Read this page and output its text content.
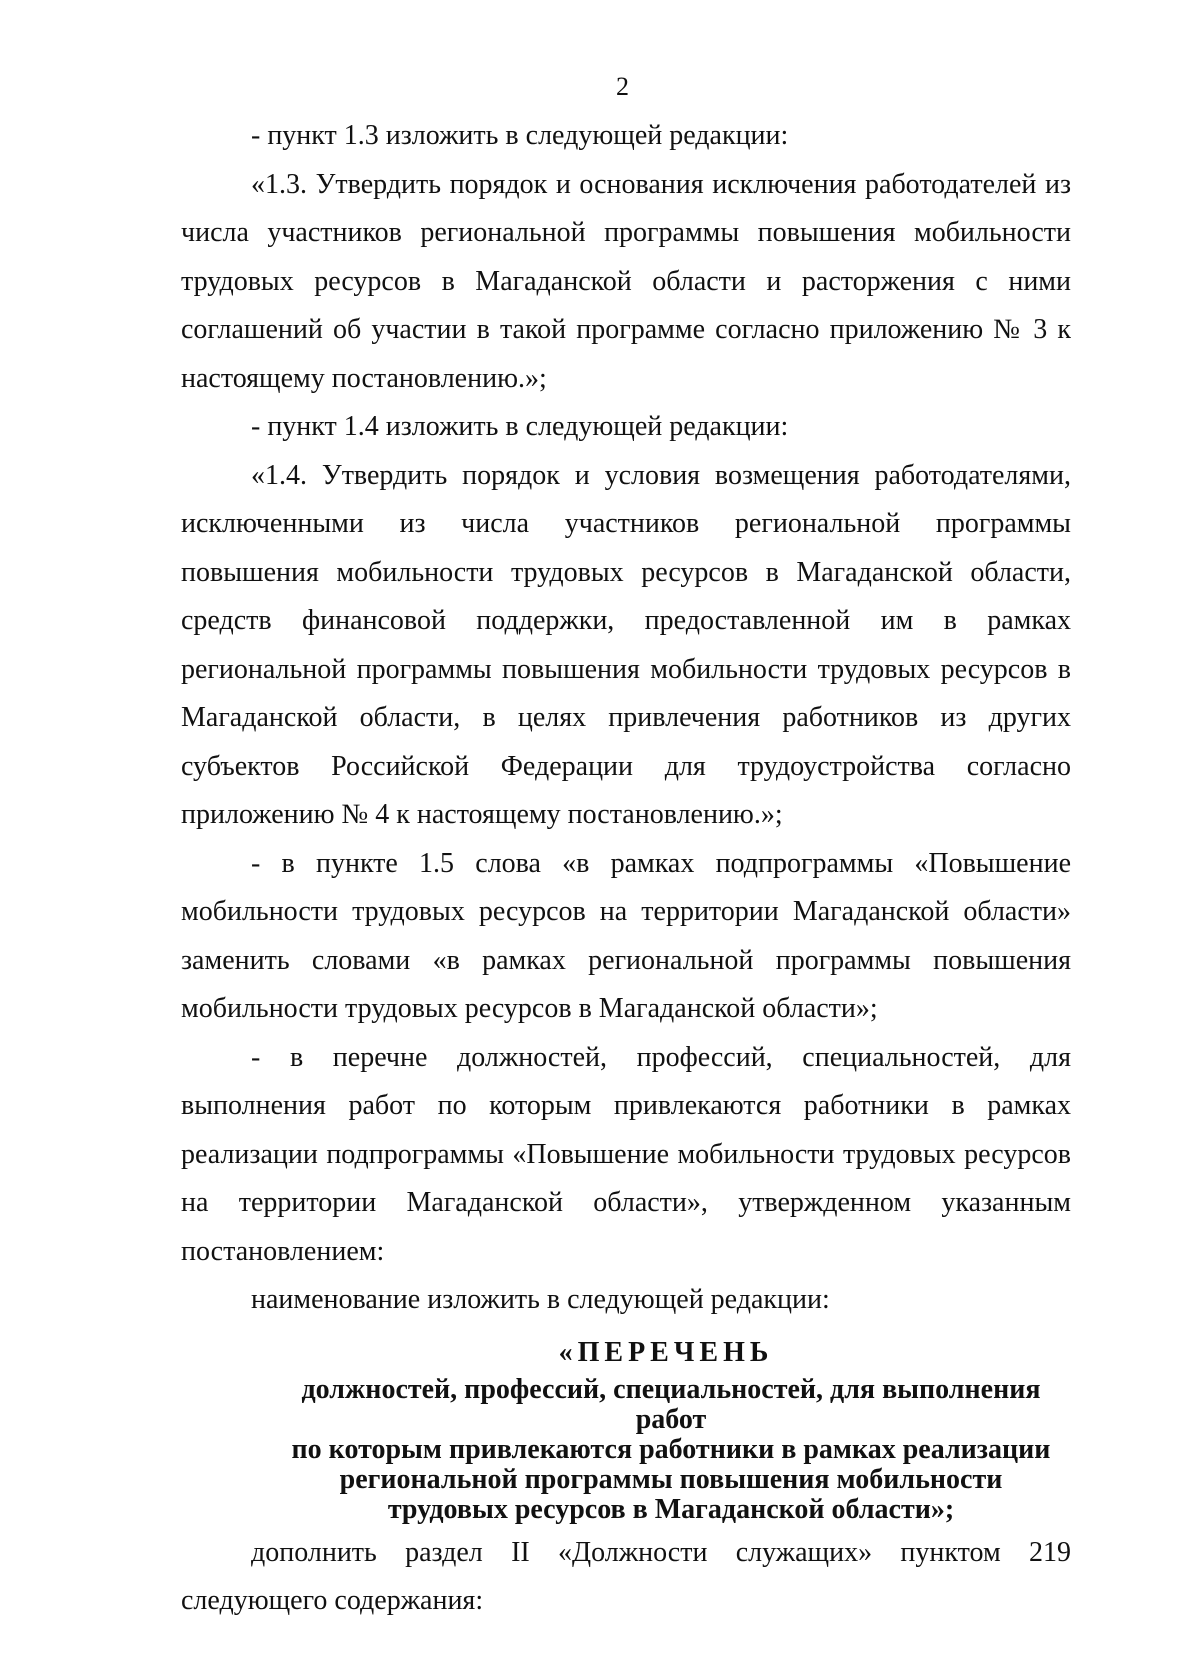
2

- пункт 1.3 изложить в следующей редакции:

«1.3. Утвердить порядок и основания исключения работодателей из числа участников региональной программы повышения мобильности трудовых ресурсов в Магаданской области и расторжения с ними соглашений об участии в такой программе согласно приложению № 3 к настоящему постановлению.»;

- пункт 1.4 изложить в следующей редакции:

«1.4. Утвердить порядок и условия возмещения работодателями, исключенными из числа участников региональной программы повышения мобильности трудовых ресурсов в Магаданской области, средств финансовой поддержки, предоставленной им в рамках региональной программы повышения мобильности трудовых ресурсов в Магаданской области, в целях привлечения работников из других субъектов Российской Федерации для трудоустройства согласно приложению № 4 к настоящему постановлению.»;

- в пункте 1.5 слова «в рамках подпрограммы «Повышение мобильности трудовых ресурсов на территории Магаданской области» заменить словами «в рамках региональной программы повышения мобильности трудовых ресурсов в Магаданской области»;

- в перечне должностей, профессий, специальностей, для выполнения работ по которым привлекаются работники в рамках реализации подпрограммы «Повышение мобильности трудовых ресурсов на территории Магаданской области», утвержденном указанным постановлением:

наименование изложить в следующей редакции:

«ПЕРЕЧЕНЬ
должностей, профессий, специальностей, для выполнения работ
по которым привлекаются работники в рамках реализации
региональной программы повышения мобильности
трудовых ресурсов в Магаданской области»;

дополнить раздел II «Должности служащих» пунктом 219 следующего содержания:
